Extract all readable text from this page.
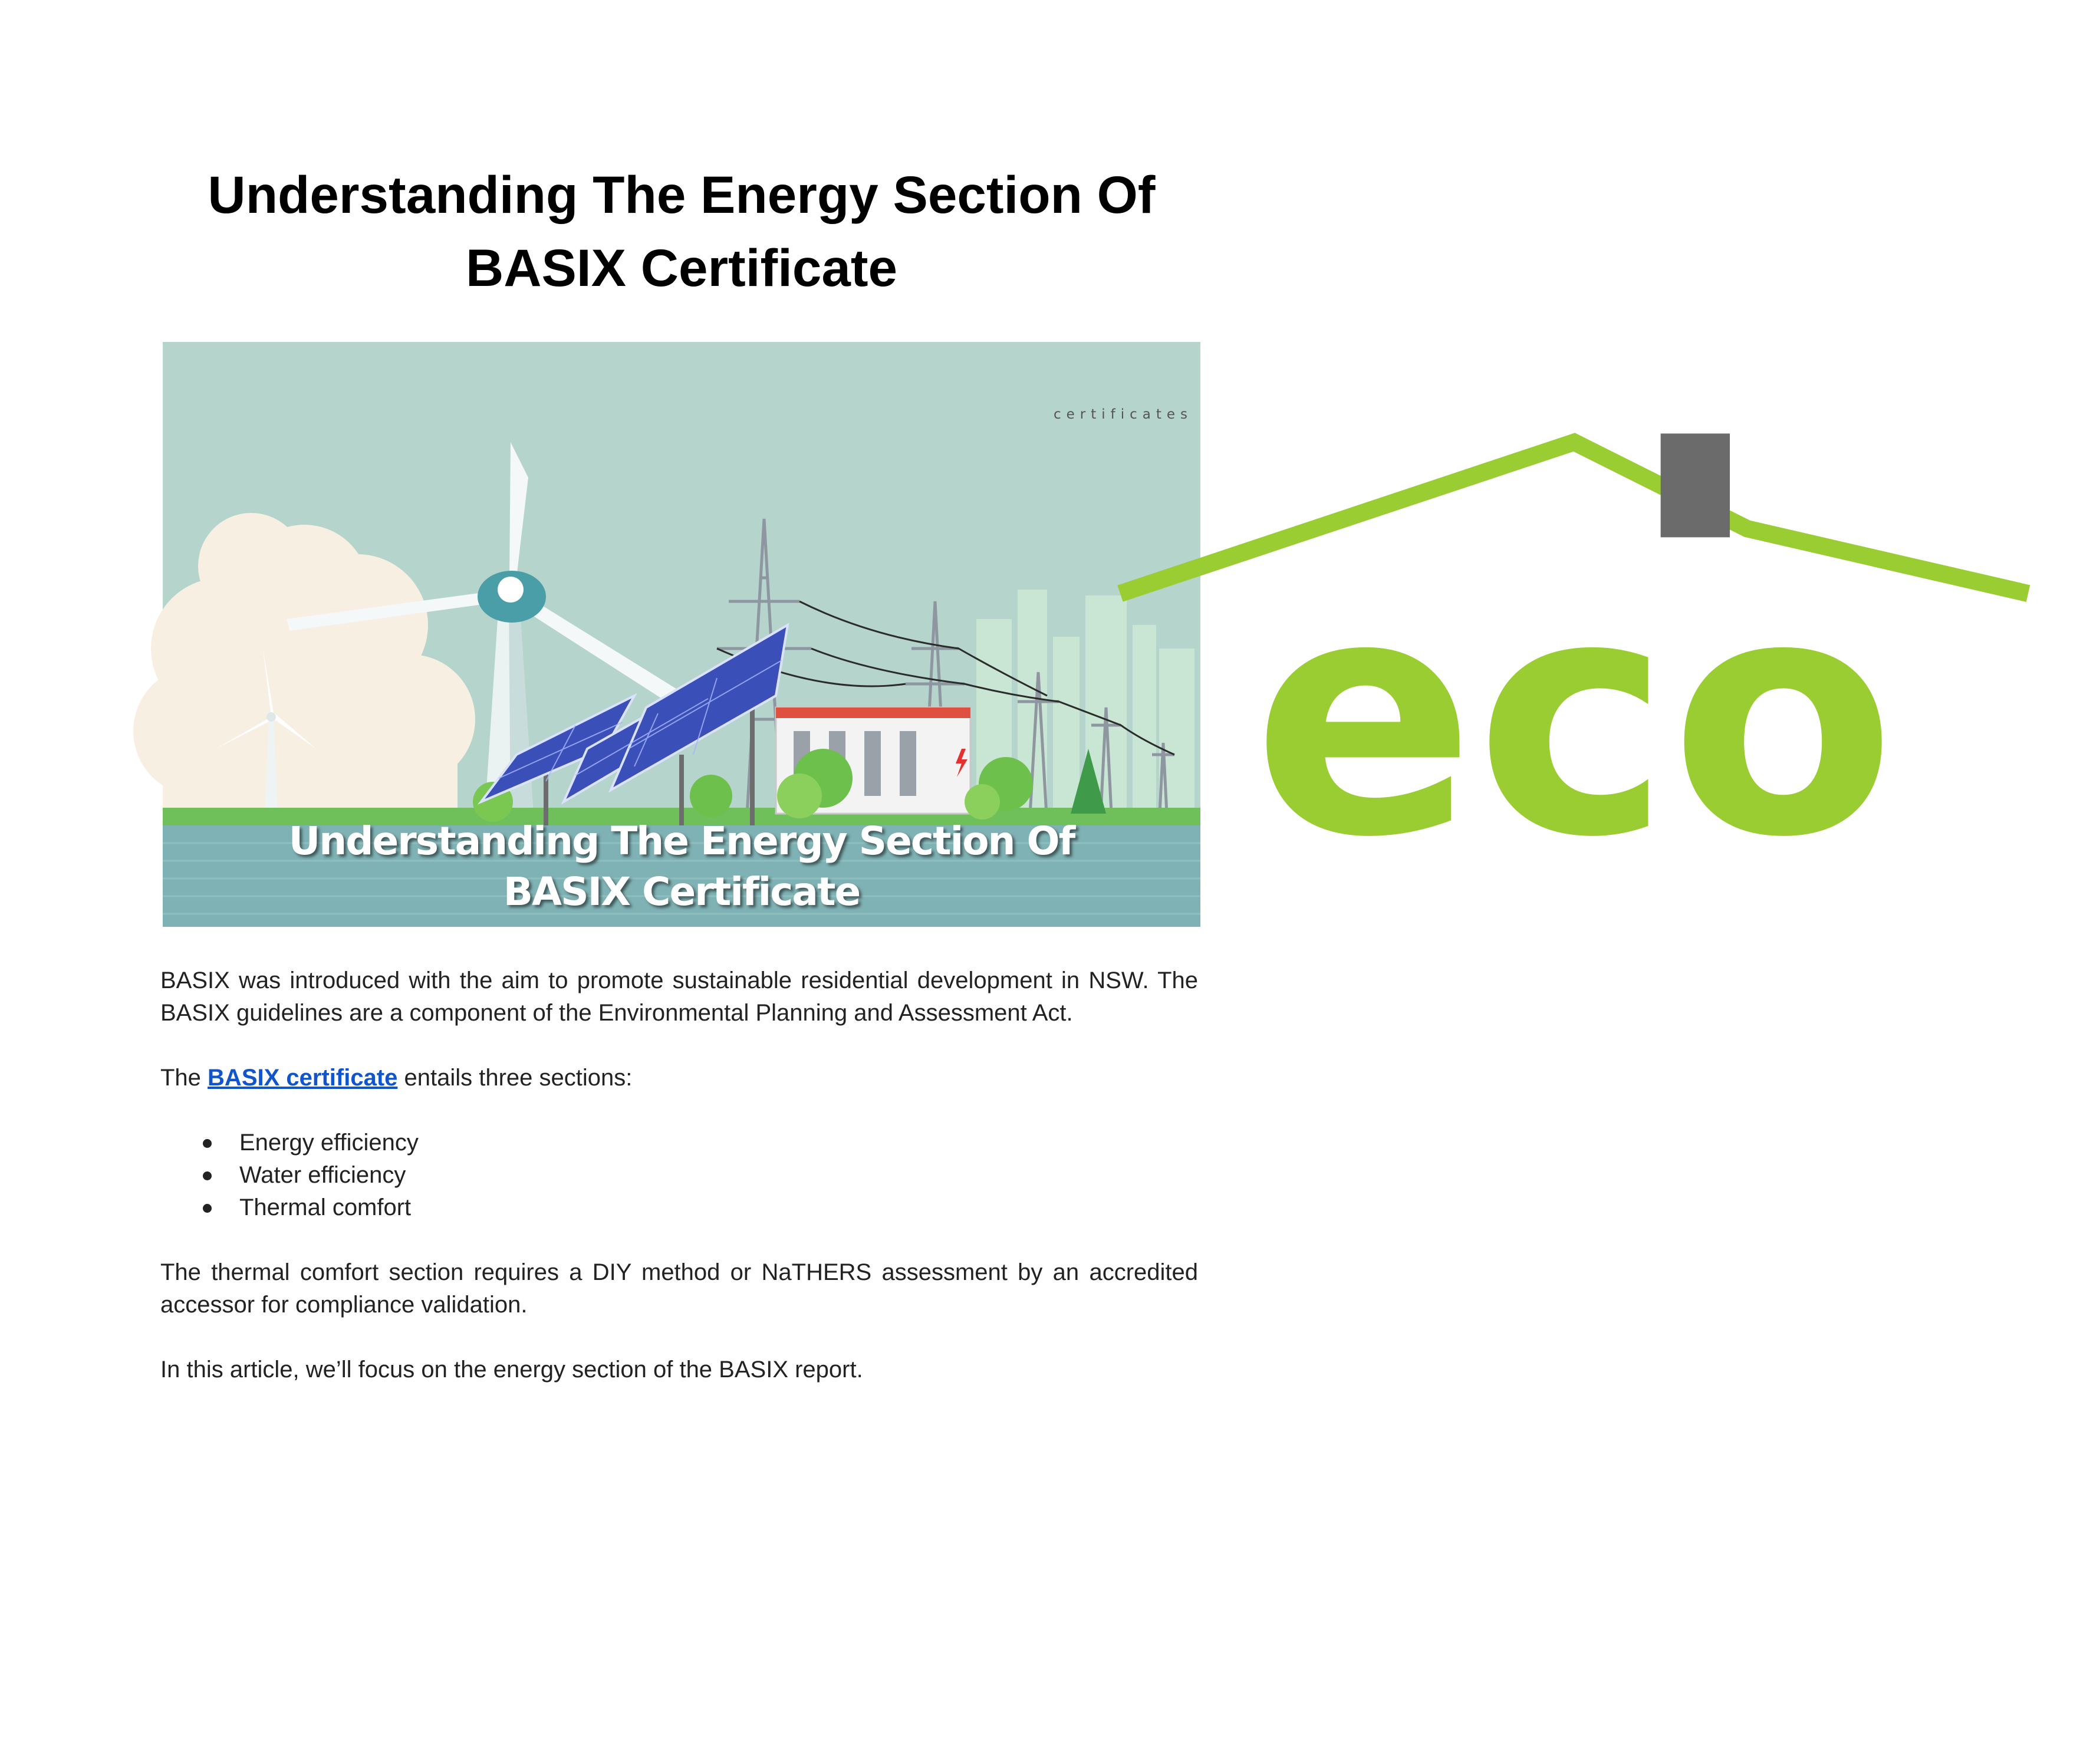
Understanding The Energy Section Of BASIX Certificate
eco
certificates
Understanding The Energy Section Of
BASIX Certificate

BASIX was introduced with the aim to promote sustainable residential development in NSW. The BASIX guidelines are a component of the Environmental Planning and Assessment Act.

The BASIX certificate entails three sections:

Energy efficiency
Water efficiency
Thermal comfort

The thermal comfort section requires a DIY method or NaTHERS assessment by an accredited accessor for compliance validation.

In this article, we’ll focus on the energy section of the BASIX report.
